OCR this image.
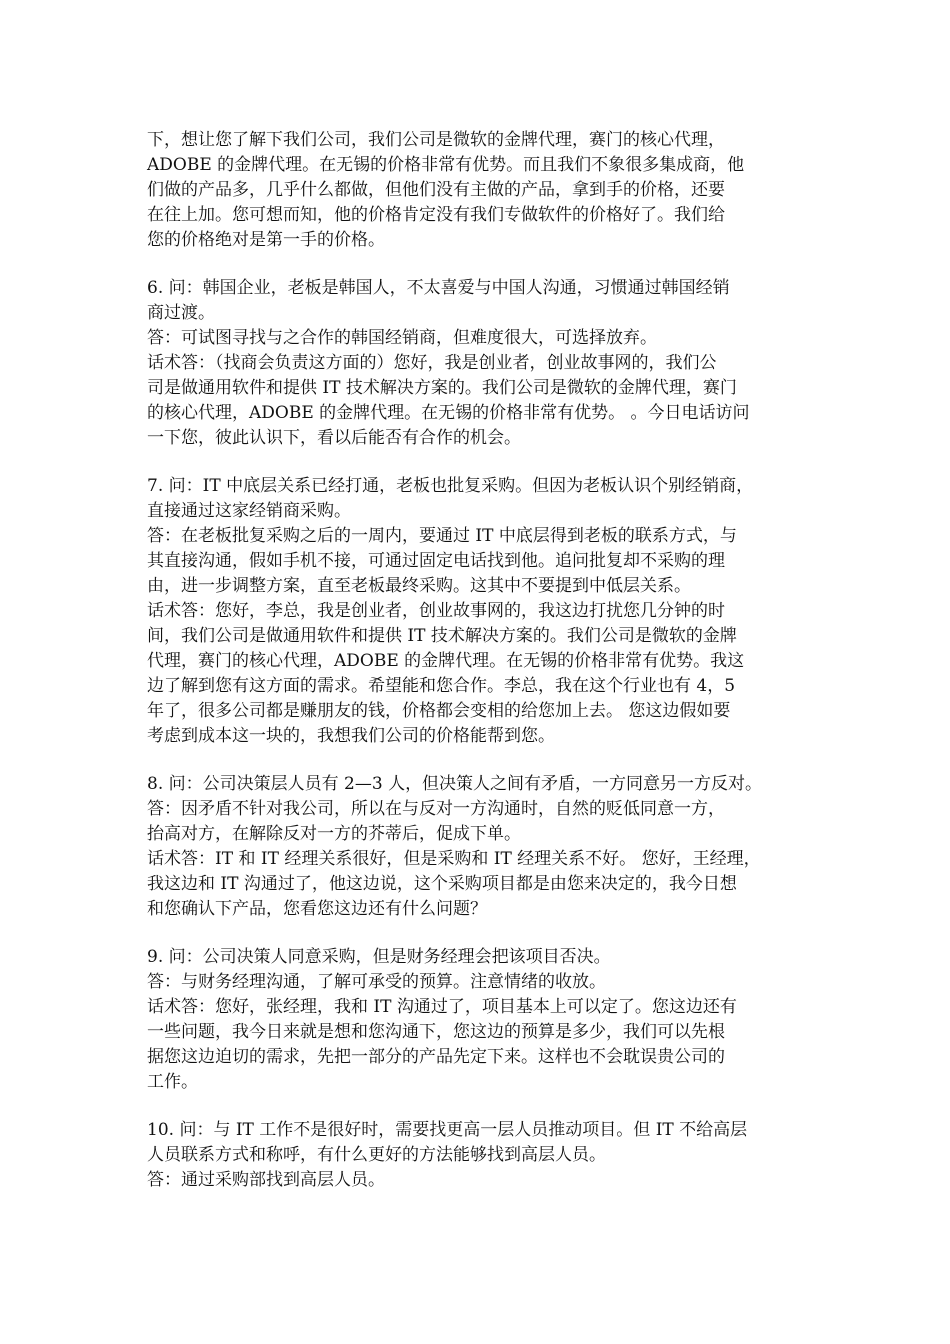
下，想让您了解下我们公司，我们公司是微软的金牌代理，赛门的核心代理，
ADOBE 的金牌代理。在无锡的价格非常有优势。而且我们不象很多集成商，他
们做的产品多，几乎什么都做，但他们没有主做的产品，拿到手的价格，还要
在往上加。您可想而知，他的价格肯定没有我们专做软件的价格好了。我们给
您的价格绝对是第一手的价格。
6. 问：韩国企业，老板是韩国人，不太喜爱与中国人沟通，习惯通过韩国经销
商过渡。
答：可试图寻找与之合作的韩国经销商，但难度很大，可选择放弃。
话术答：（找商会负责这方面的）您好，我是创业者，创业故事网的，我们公
司是做通用软件和提供 IT 技术解决方案的。我们公司是微软的金牌代理，赛门
的核心代理，ADOBE 的金牌代理。在无锡的价格非常有优势。 。今日电话访问
一下您，彼此认识下，看以后能否有合作的机会。
7. 问：IT 中底层关系已经打通，老板也批复采购。但因为老板认识个别经销商，
直接通过这家经销商采购。
答：在老板批复采购之后的一周内，要通过 IT 中底层得到老板的联系方式，与
其直接沟通，假如手机不接，可通过固定电话找到他。追问批复却不采购的理
由，进一步调整方案，直至老板最终采购。这其中不要提到中低层关系。
话术答：您好，李总，我是创业者，创业故事网的，我这边打扰您几分钟的时
间，我们公司是做通用软件和提供 IT 技术解决方案的。我们公司是微软的金牌
代理，赛门的核心代理，ADOBE 的金牌代理。在无锡的价格非常有优势。我这
边了解到您有这方面的需求。希望能和您合作。李总，我在这个行业也有 4，5
年了，很多公司都是赚朋友的钱，价格都会变相的给您加上去。 您这边假如要
考虑到成本这一块的，我想我们公司的价格能帮到您。
8. 问：公司决策层人员有 2—3 人，但决策人之间有矛盾，一方同意另一方反对。
答：因矛盾不针对我公司，所以在与反对一方沟通时，自然的贬低同意一方，
抬高对方，在解除反对一方的芥蒂后，促成下单。
话术答：IT 和 IT 经理关系很好，但是采购和 IT 经理关系不好。 您好，王经理，
我这边和 IT 沟通过了，他这边说，这个采购项目都是由您来决定的，我今日想
和您确认下产品，您看您这边还有什么问题？
9. 问：公司决策人同意采购，但是财务经理会把该项目否决。
答：与财务经理沟通，了解可承受的预算。注意情绪的收放。
话术答：您好，张经理，我和 IT 沟通过了，项目基本上可以定了。您这边还有
一些问题，我今日来就是想和您沟通下，您这边的预算是多少，我们可以先根
据您这边迫切的需求，先把一部分的产品先定下来。这样也不会耽误贵公司的
工作。
10. 问：与 IT 工作不是很好时，需要找更高一层人员推动项目。但 IT 不给高层
人员联系方式和称呼，有什么更好的方法能够找到高层人员。
答：通过采购部找到高层人员。
